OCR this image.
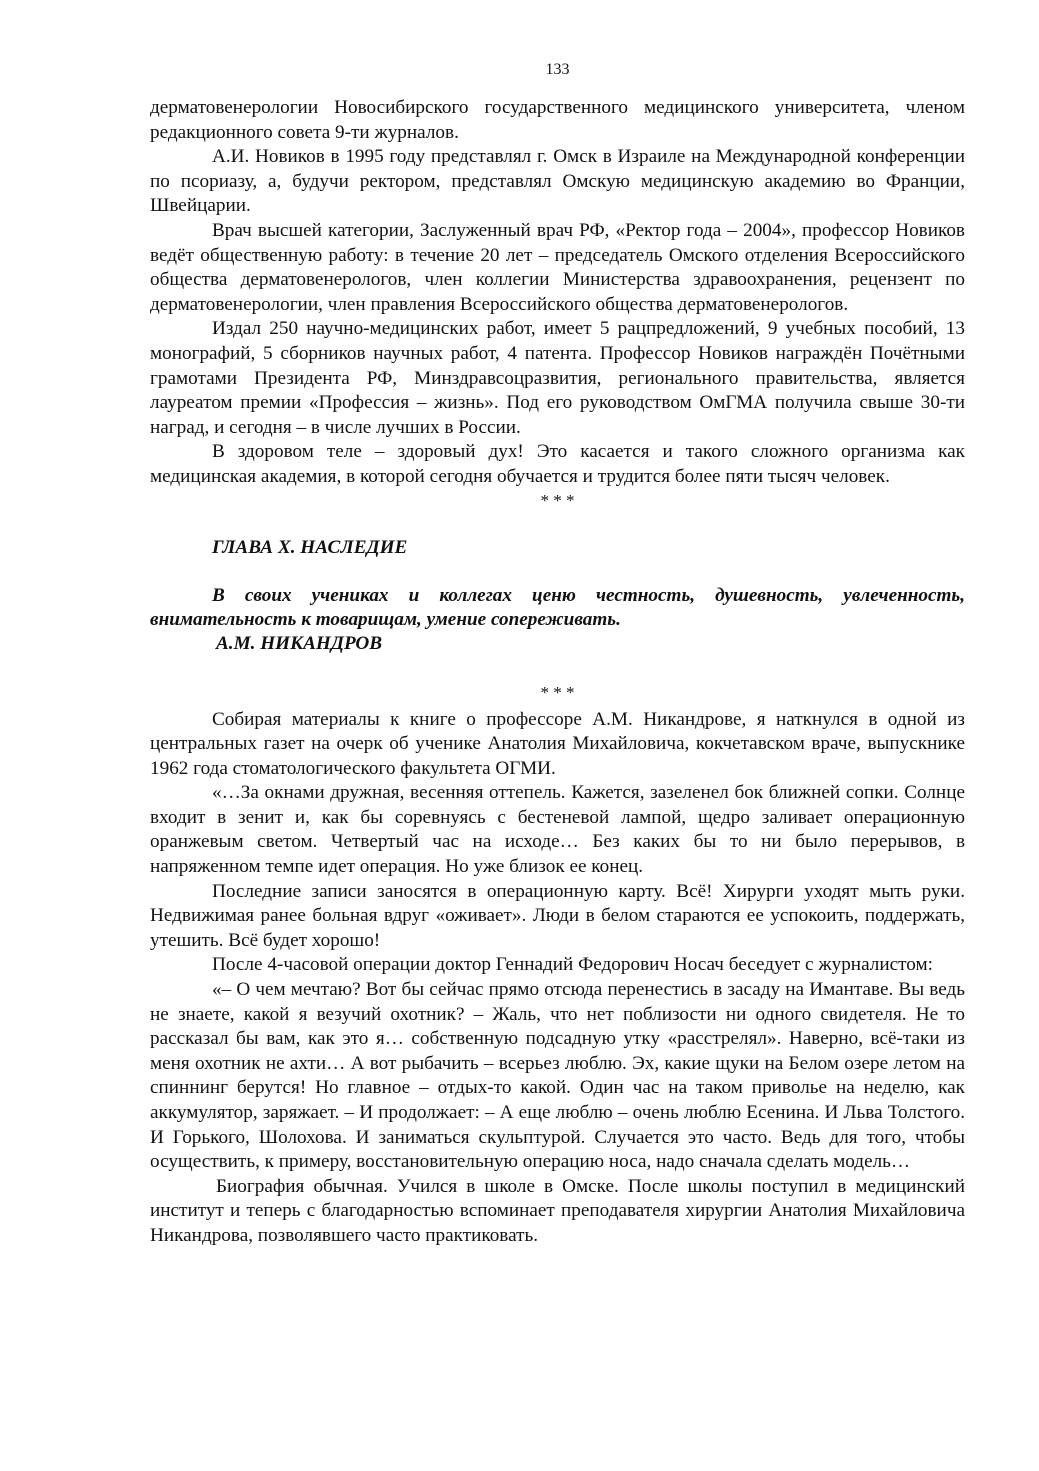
133

дерматовенерологии Новосибирского государственного медицинского университета, членом редакционного совета 9-ти журналов.

А.И. Новиков в 1995 году представлял г. Омск в Израиле на Международной конференции по псориазу, а, будучи ректором, представлял Омскую медицинскую академию во Франции, Швейцарии.

Врач высшей категории, Заслуженный врач РФ, «Ректор года – 2004», профессор Новиков ведёт общественную работу: в течение 20 лет – председатель Омского отделения Всероссийского общества дерматовенерологов, член коллегии Министерства здравоохранения, рецензент по дерматовенерологии, член правления Всероссийского общества дерматовенерологов.

Издал 250 научно-медицинских работ, имеет 5 рацпредложений, 9 учебных пособий, 13 монографий, 5 сборников научных работ, 4 патента. Профессор Новиков награждён Почётными грамотами Президента РФ, Минздравсоцразвития, регионального правительства, является лауреатом премии «Профессия – жизнь». Под его руководством ОмГМА получила свыше 30-ти наград, и сегодня – в числе лучших в России.

В здоровом теле – здоровый дух! Это касается и такого сложного организма как медицинская академия, в которой сегодня обучается и трудится более пяти тысяч человек.

* * *

ГЛАВА Х. НАСЛЕДИЕ

В своих учениках и коллегах ценю честность, душевность, увлеченность, внимательность к товарищам, умение сопереживать.

А.М. НИКАНДРОВ

* * *

Собирая материалы к книге о профессоре А.М. Никандрове, я наткнулся в одной из центральных газет на очерк об ученике Анатолия Михайловича, кокчетавском враче, выпускнике 1962 года стоматологического факультета ОГМИ.

«…За окнами дружная, весенняя оттепель. Кажется, зазеленел бок ближней сопки. Солнце входит в зенит и, как бы соревнуясь с бестеневой лампой, щедро заливает операционную оранжевым светом. Четвертый час на исходе… Без каких бы то ни было перерывов, в напряженном темпе идет операция. Но уже близок ее конец.

Последние записи заносятся в операционную карту. Всё! Хирурги уходят мыть руки. Недвижимая ранее больная вдруг «оживает». Люди в белом стараются ее успокоить, поддержать, утешить. Всё будет хорошо!

После 4-часовой операции доктор Геннадий Федорович Носач беседует с журналистом:

«– О чем мечтаю? Вот бы сейчас прямо отсюда перенестись в засаду на Имантаве. Вы ведь не знаете, какой я везучий охотник? – Жаль, что нет поблизости ни одного свидетеля. Не то рассказал бы вам, как это я… собственную подсадную утку «расстрелял». Наверно, всё-таки из меня охотник не ахти… А вот рыбачить – всерьез люблю. Эх, какие щуки на Белом озере летом на спиннинг берутся! Но главное – отдых-то какой. Один час на таком приволье на неделю, как аккумулятор, заряжает. – И продолжает: – А еще люблю – очень люблю Есенина. И Льва Толстого. И Горького, Шолохова. И заниматься скульптурой. Случается это часто. Ведь для того, чтобы осуществить, к примеру, восстановительную операцию носа, надо сначала сделать модель…

Биография обычная. Учился в школе в Омске. После школы поступил в медицинский институт и теперь с благодарностью вспоминает преподавателя хирургии Анатолия Михайловича Никандрова, позволявшего часто практиковать.
